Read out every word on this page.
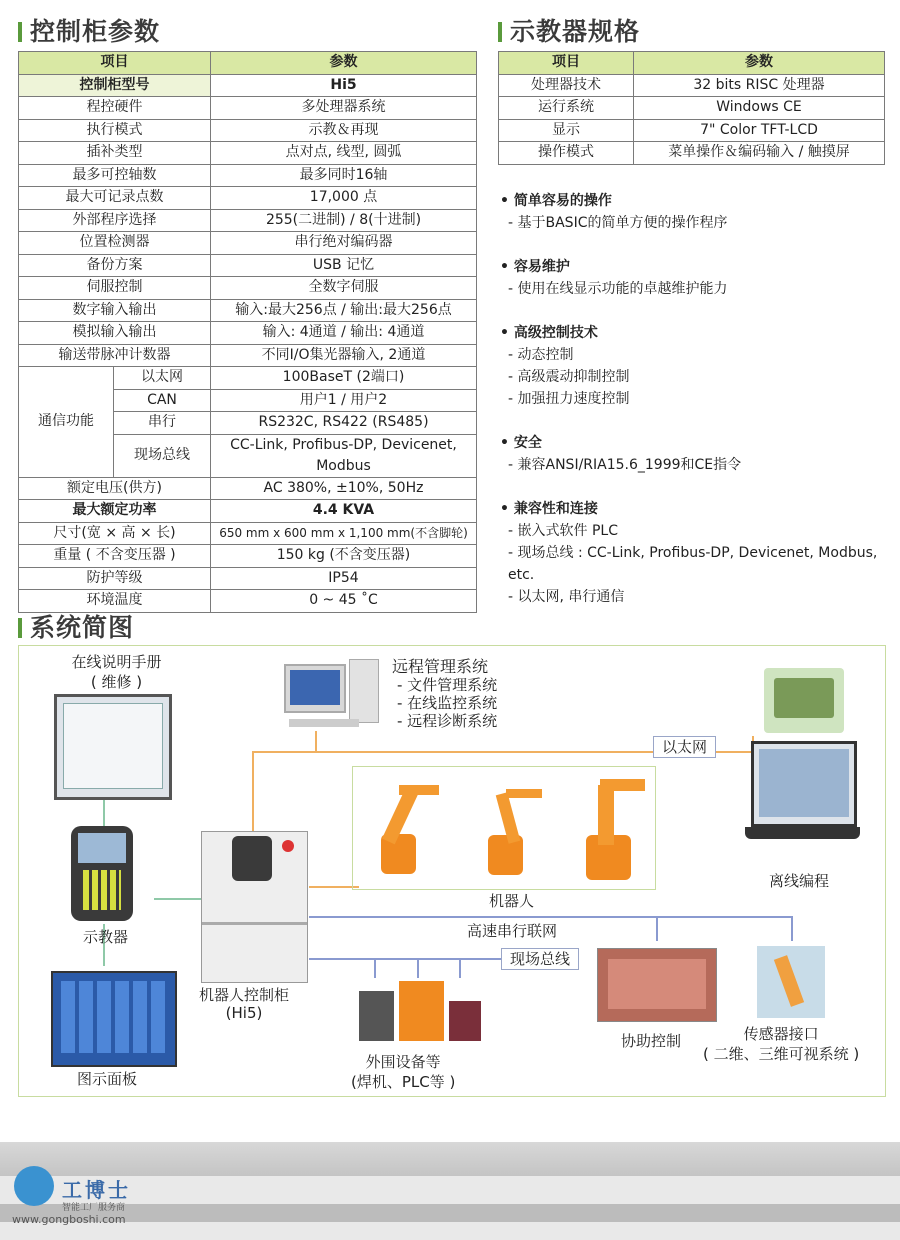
控制柜参数	示教器规格
项目		参数
控制柜型号		Hi5
程控硬件		多处理器系统
执行模式		示教＆再现
插补类型		点对点, 线型, 圆弧
最多可控轴数		最多同时16轴
最大可记录点数		17,000 点
外部程序选择		255(二进制) / 8(十进制)
位置检测器		串行绝对编码器
备份方案		USB 记忆
伺服控制		全数字伺服
数字输入输出		输入:最大256点 / 输出:最大256点
模拟输入输出		输入: 4通道 / 输出: 4通道
输送带脉冲计数器		不同I/O集光器输入, 2通道
通信功能	以太网	100BaseT (2端口)
	CAN	用户1 / 用户2
	串行	RS232C, RS422 (RS485)
	现场总线	CC-Link, Profibus-DP, Devicenet, Modbus
额定电压(供方)		AC 380%, ±10%, 50Hz
最大额定功率		4.4 KVA
尺寸(宽 × 高 × 长)		650 mm x 600 mm x 1,100 mm(不含脚轮)
重量 ( 不含变压器 )		150 kg (不含变压器)
防护等级		IP54
环境温度		0 ~ 45 ˚C
项目	参数
处理器技术	32 bits RISC 处理器
运行系统	Windows CE
显示	7" Color TFT-LCD
操作模式	菜单操作＆编码输入 / 触摸屏
• 简单容易的操作
- 基于BASIC的简单方便的操作程序
• 容易维护
- 使用在线显示功能的卓越维护能力
• 高级控制技术
- 动态控制
- 高级震动抑制控制
- 加强扭力速度控制
• 安全
- 兼容ANSI/RIA15.6_1999和CE指令
• 兼容性和连接
- 嵌入式软件 PLC
- 现场总线 : CC-Link, Profibus-DP, Devicenet, Modbus, etc.
- 以太网, 串行通信
系统简图
在线说明手册
( 维修 )
远程管理系统
- 文件管理系统
- 在线监控系统
- 远程诊断系统
以太网
机器人
离线编程
示教器
机器人控制柜
(Hi5)
高速串行联网
现场总线
图示面板
外围设备等
(焊机、PLC等 )
协助控制	传感器接口
( 二维、三维可视系统 )
工博士
智能工厂服务商
www.gongboshi.com
